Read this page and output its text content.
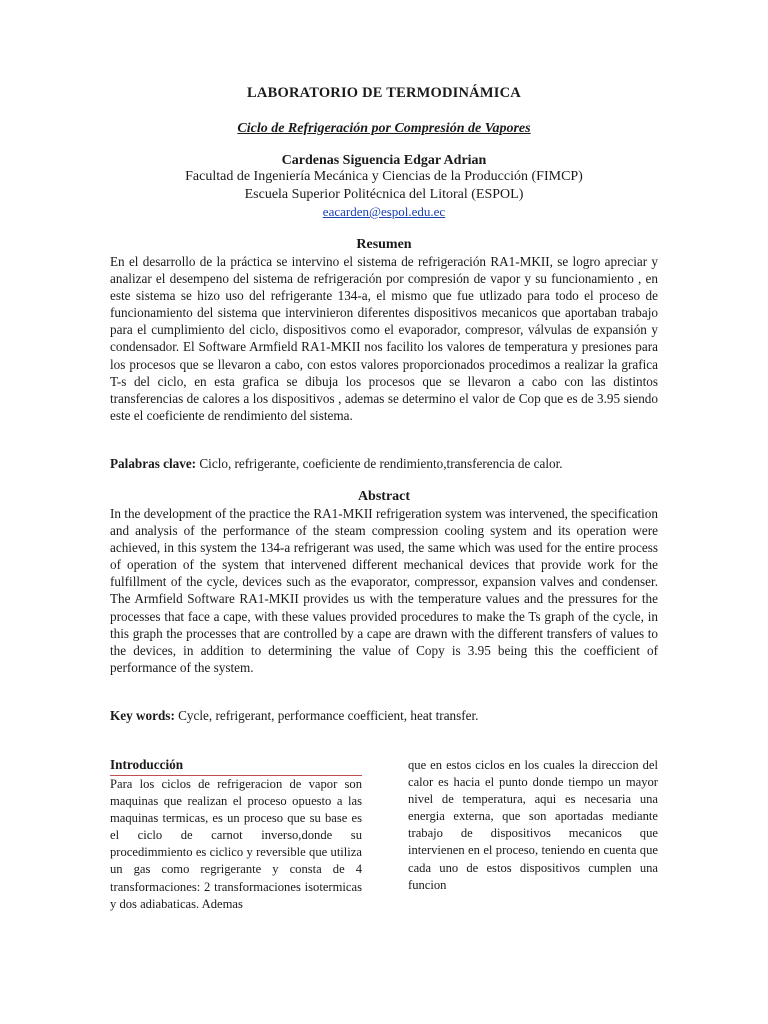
LABORATORIO DE TERMODINÁMICA
Ciclo de Refrigeración por Compresión de Vapores
Cardenas Siguencia Edgar Adrian
Facultad de Ingeniería Mecánica y Ciencias de la Producción (FIMCP)
Escuela Superior Politécnica del Litoral (ESPOL)
eacarden@espol.edu.ec
Resumen

En el desarrollo de la práctica se intervino el sistema de refrigeración RA1-MKII, se logro apreciar y analizar el desempeno del sistema de refrigeración por compresión de vapor y su funcionamiento , en este sistema se hizo uso del refrigerante 134-a, el mismo que fue utlizado para todo el proceso de funcionamiento del sistema que intervinieron diferentes dispositivos mecanicos que aportaban trabajo para el cumplimiento del ciclo, dispositivos como el evaporador, compresor, válvulas de expansión y condensador. El Software Armfield RA1-MKII nos facilito los valores de temperatura y presiones para los procesos que se llevaron a cabo, con estos valores proporcionados procedimos a realizar la grafica T-s del ciclo, en esta grafica se dibuja los procesos que se llevaron a cabo con las distintos transferencias de calores a los dispositivos , ademas se determino el valor de Cop que es de 3.95 siendo este el coeficiente de rendimiento del sistema.

Palabras clave: Ciclo, refrigerante, coeficiente de rendimiento,transferencia de calor.
Abstract

In the development of the practice the RA1-MKII refrigeration system was intervened, the specification and analysis of the performance of the steam compression cooling system and its operation were achieved, in this system the 134-a refrigerant was used, the same which was used for the entire process of operation of the system that intervened different mechanical devices that provide work for the fulfillment of the cycle, devices such as the evaporator, compressor, expansion valves and condenser. The Armfield Software RA1-MKII provides us with the temperature values and the pressures for the processes that face a cape, with these values provided procedures to make the Ts graph of the cycle, in this graph the processes that are controlled by a cape are drawn with the different transfers of values to the devices, in addition to determining the value of Copy is 3.95 being this the coefficient of performance of the system.

Key words: Cycle, refrigerant, performance coefficient, heat transfer.
Introducción

Para los ciclos de refrigeracion de vapor son maquinas que realizan el proceso opuesto a las maquinas termicas, es un proceso que su base es el ciclo de carnot inverso,donde su procedimmiento es ciclico y reversible que utiliza un gas como regrigerante y consta de 4 transformaciones: 2 transformaciones isotermicas y dos adiabaticas. Ademas

que en estos ciclos en los cuales la direccion del calor es hacia el punto donde tiempo un mayor nivel de temperatura, aqui es necesaria una energia externa, que son aportadas mediante trabajo de dispositivos mecanicos que intervienen en el proceso, teniendo en cuenta que cada uno de estos dispositivos cumplen una funcion
